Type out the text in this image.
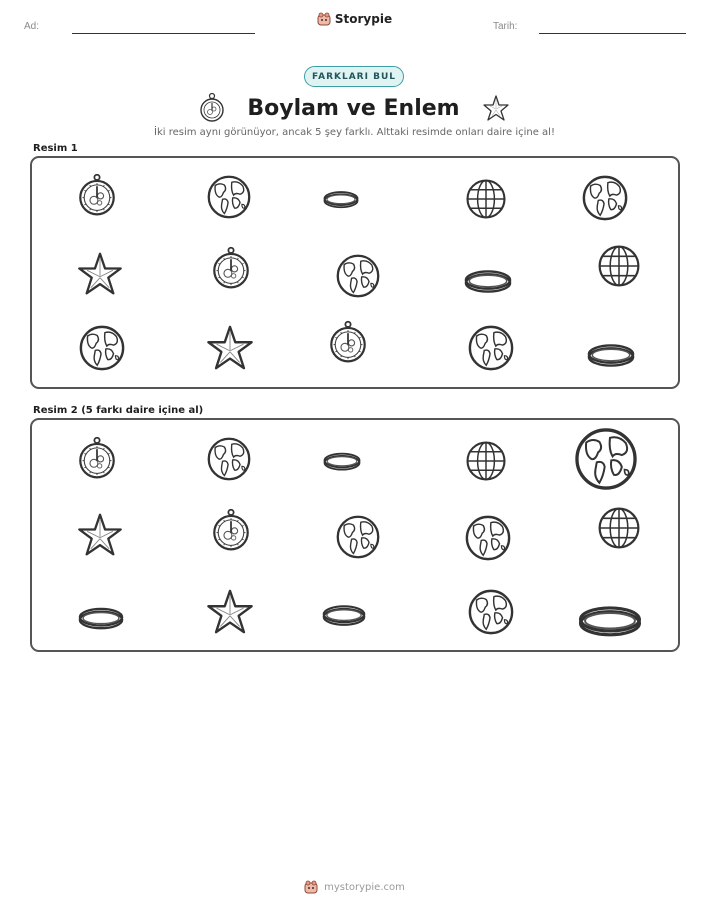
Ad:
Storypie
Tarih:
FARKLARI BUL
Boylam ve Enlem
İki resim aynı görünüyor, ancak 5 şey farklı. Alttaki resimde onları daire içine al!
Resim 1
Resim 2 (5 farkı daire içine al)
mystorypie.com
